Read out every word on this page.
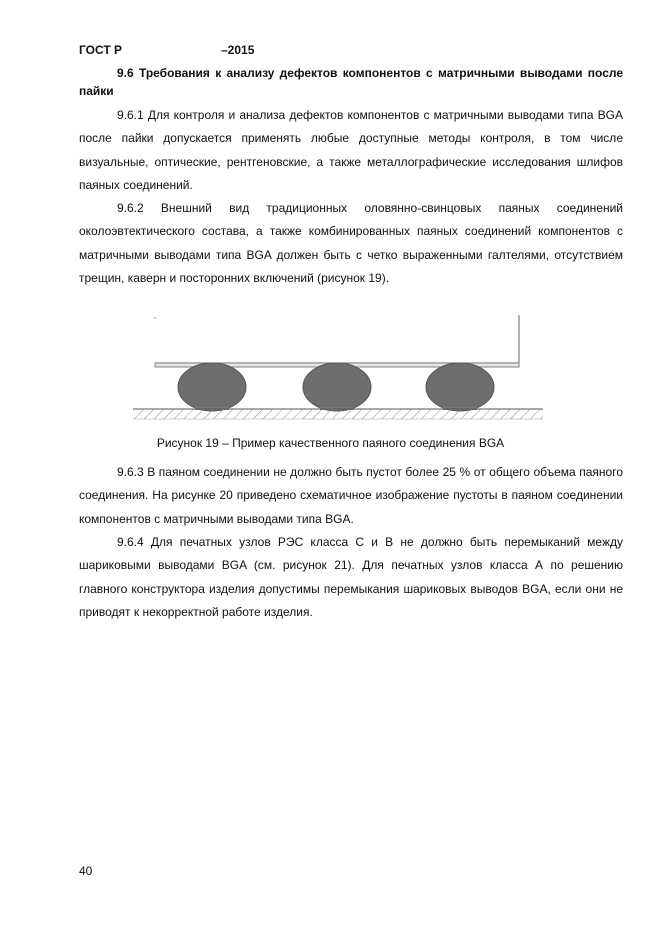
ГОСТ Р	–2015
9.6 Требования к анализу дефектов компонентов с матричными выводами после пайки
9.6.1 Для контроля и анализа дефектов компонентов с матричными выводами типа BGA после пайки допускается применять любые доступные методы контроля, в том числе визуальные, оптические, рентгеновские, а также металлографические исследования шлифов паяных соединений.
9.6.2 Внешний вид традиционных оловянно-свинцовых паяных соединений околоэвтектического состава, а также комбинированных паяных соединений компонентов с матричными выводами типа BGA должен быть с четко выраженными галтелями, отсутствием трещин, каверн и посторонних включений (рисунок 19).
Рисунок 19 – Пример качественного паяного соединения BGA
9.6.3 В паяном соединении не должно быть пустот более 25 % от общего объема паяного соединения. На рисунке 20 приведено схематичное изображение пустоты в паяном соединении компонентов с матричными выводами типа BGA.
9.6.4 Для печатных узлов РЭС класса С и В не должно быть перемыканий между шариковыми выводами BGA (см. рисунок 21). Для печатных узлов класса А по решению главного конструктора изделия допустимы перемыкания шариковых выводов BGA, если они не приводят к некорректной работе изделия.
40
